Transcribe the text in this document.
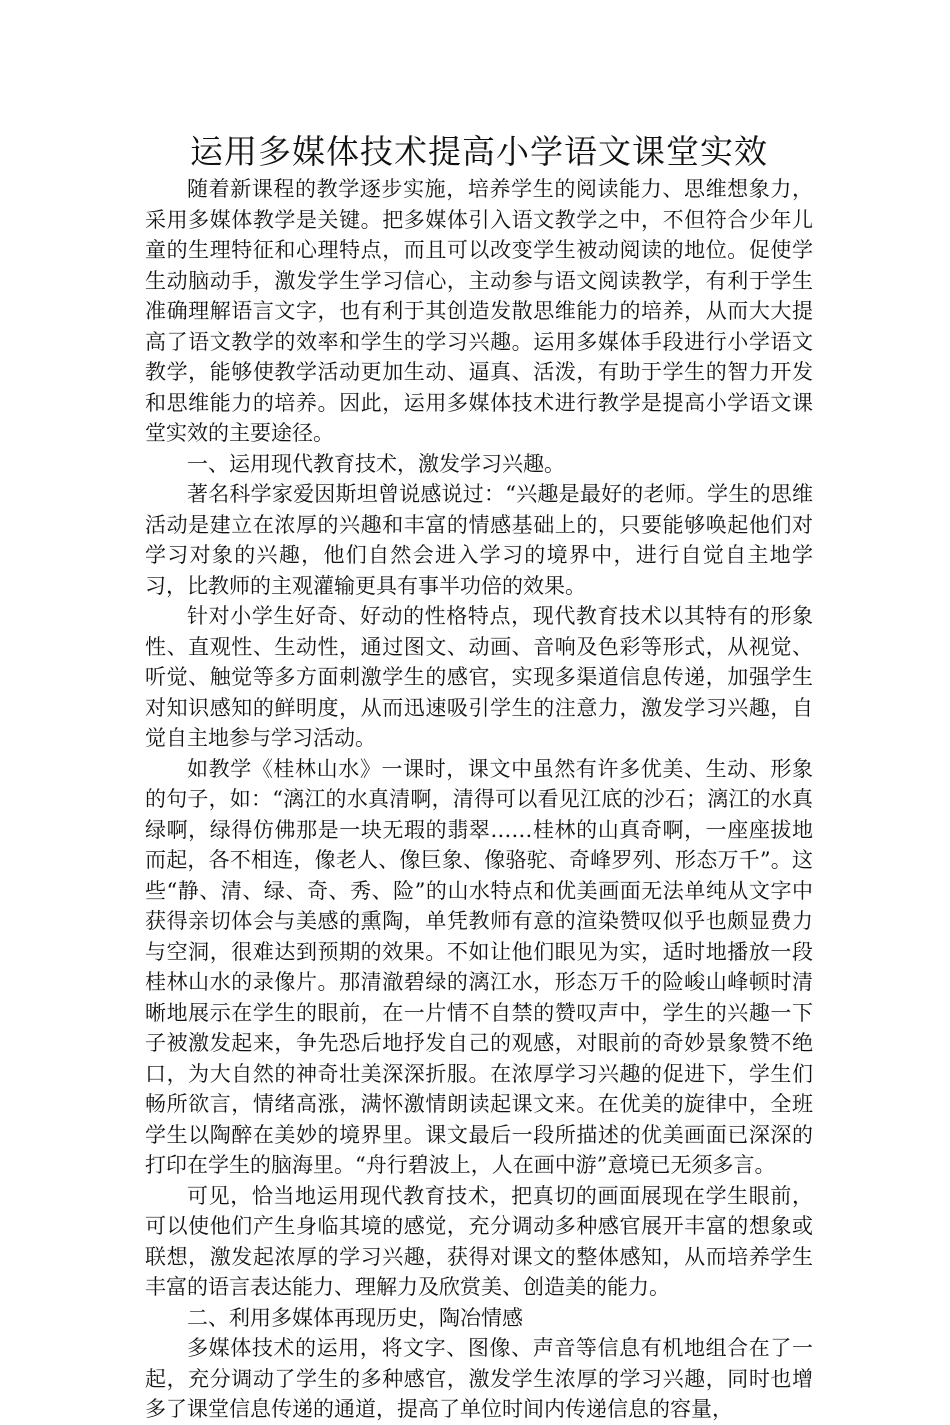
运用多媒体技术提高小学语文课堂实效

随着新课程的教学逐步实施，培养学生的阅读能力、思维想象力，采用多媒体教学是关键。把多媒体引入语文教学之中，不但符合少年儿童的生理特征和心理特点，而且可以改变学生被动阅读的地位。促使学生动脑动手，激发学生学习信心，主动参与语文阅读教学，有利于学生准确理解语言文字，也有利于其创造发散思维能力的培养，从而大大提高了语文教学的效率和学生的学习兴趣。运用多媒体手段进行小学语文教学，能够使教学活动更加生动、逼真、活泼，有助于学生的智力开发和思维能力的培养。因此，运用多媒体技术进行教学是提高小学语文课堂实效的主要途径。

一、运用现代教育技术，激发学习兴趣。

著名科学家爱因斯坦曾说感说过：“兴趣是最好的老师。学生的思维活动是建立在浓厚的兴趣和丰富的情感基础上的，只要能够唤起他们对学习对象的兴趣，他们自然会进入学习的境界中，进行自觉自主地学习，比教师的主观灌输更具有事半功倍的效果。

针对小学生好奇、好动的性格特点，现代教育技术以其特有的形象性、直观性、生动性，通过图文、动画、音响及色彩等形式，从视觉、听觉、触觉等多方面刺激学生的感官，实现多渠道信息传递，加强学生对知识感知的鲜明度，从而迅速吸引学生的注意力，激发学习兴趣，自觉自主地参与学习活动。

如教学《桂林山水》一课时，课文中虽然有许多优美、生动、形象的句子，如：“漓江的水真清啊，清得可以看见江底的沙石；漓江的水真绿啊，绿得仿佛那是一块无瑕的翡翠……桂林的山真奇啊，一座座拔地而起，各不相连，像老人、像巨象、像骆驼、奇峰罗列、形态万千”。这些“静、清、绿、奇、秀、险”的山水特点和优美画面无法单纯从文字中获得亲切体会与美感的熏陶，单凭教师有意的渲染赞叹似乎也颇显费力与空洞，很难达到预期的效果。不如让他们眼见为实，适时地播放一段桂林山水的录像片。那清澈碧绿的漓江水，形态万千的险峻山峰顿时清晰地展示在学生的眼前，在一片情不自禁的赞叹声中，学生的兴趣一下子被激发起来，争先恐后地抒发自己的观感，对眼前的奇妙景象赞不绝口，为大自然的神奇壮美深深折服。在浓厚学习兴趣的促进下，学生们畅所欲言，情绪高涨，满怀激情朗读起课文来。在优美的旋律中，全班学生以陶醉在美妙的境界里。课文最后一段所描述的优美画面已深深的打印在学生的脑海里。“舟行碧波上，人在画中游”意境已无须多言。

可见，恰当地运用现代教育技术，把真切的画面展现在学生眼前，可以使他们产生身临其境的感觉，充分调动多种感官展开丰富的想象或联想，激发起浓厚的学习兴趣，获得对课文的整体感知，从而培养学生丰富的语言表达能力、理解力及欣赏美、创造美的能力。

二、利用多媒体再现历史，陶冶情感

多媒体技术的运用，将文字、图像、声音等信息有机地组合在了一起，充分调动了学生的多种感官，激发学生浓厚的学习兴趣，同时也增多了课堂信息传递的通道，提高了单位时间内传递信息的容量，
